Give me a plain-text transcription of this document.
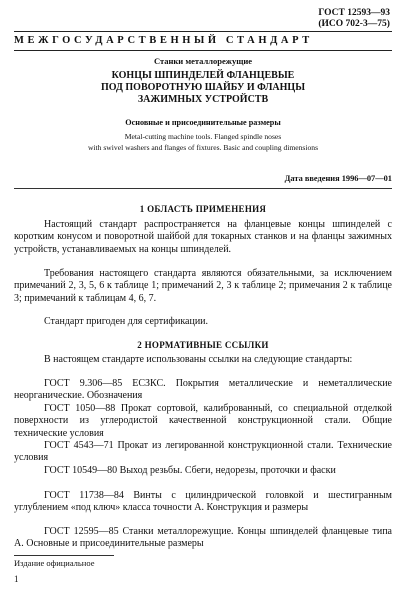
ГОСТ 12593—93
(ИСО 702-3—75)
МЕЖГОСУДАРСТВЕННЫЙ СТАНДАРТ
Станки металлорежущие
КОНЦЫ ШПИНДЕЛЕЙ ФЛАНЦЕВЫЕ
ПОД ПОВОРОТНУЮ ШАЙБУ И ФЛАНЦЫ
ЗАЖИМНЫХ УСТРОЙСТВ
Основные и присоединительные размеры
Metal-cutting machine tools. Flanged spindle noses
with swivel washers and flanges of fixtures. Basic and coupling dimensions
Дата введения 1996—07—01
1 ОБЛАСТЬ ПРИМЕНЕНИЯ
Настоящий стандарт распространяется на фланцевые концы шпинделей с коротким конусом и поворотной шайбой для токарных станков и на фланцы зажимных устройств, устанавливаемых на концы шпинделей.
Требования настоящего стандарта являются обязательными, за исключением примечаний 2, 3, 5, 6 к таблице 1; примечаний 2, 3 к таблице 2; примечания 2 к таблице 3; примечаний к таблицам 4, 6, 7.
Стандарт пригоден для сертификации.
2 НОРМАТИВНЫЕ ССЫЛКИ
В настоящем стандарте использованы ссылки на следующие стандарты:
ГОСТ 9.306—85 ЕСЗКС. Покрытия металлические и неметаллические неорганические. Обозначения
ГОСТ 1050—88 Прокат сортовой, калиброванный, со специальной отделкой поверхности из углеродистой качественной конструкционной стали. Общие технические условия
ГОСТ 4543—71 Прокат из легированной конструкционной стали. Технические условия
ГОСТ 10549—80 Выход резьбы. Сбеги, недорезы, проточки и фаски
ГОСТ 11738—84 Винты с цилиндрической головкой и шестигранным углублением «под ключ» класса точности А. Конструкция и размеры
ГОСТ 12595—85 Станки металлорежущие. Концы шпинделей фланцевые типа А. Основные и присоединительные размеры
Издание официальное
1
